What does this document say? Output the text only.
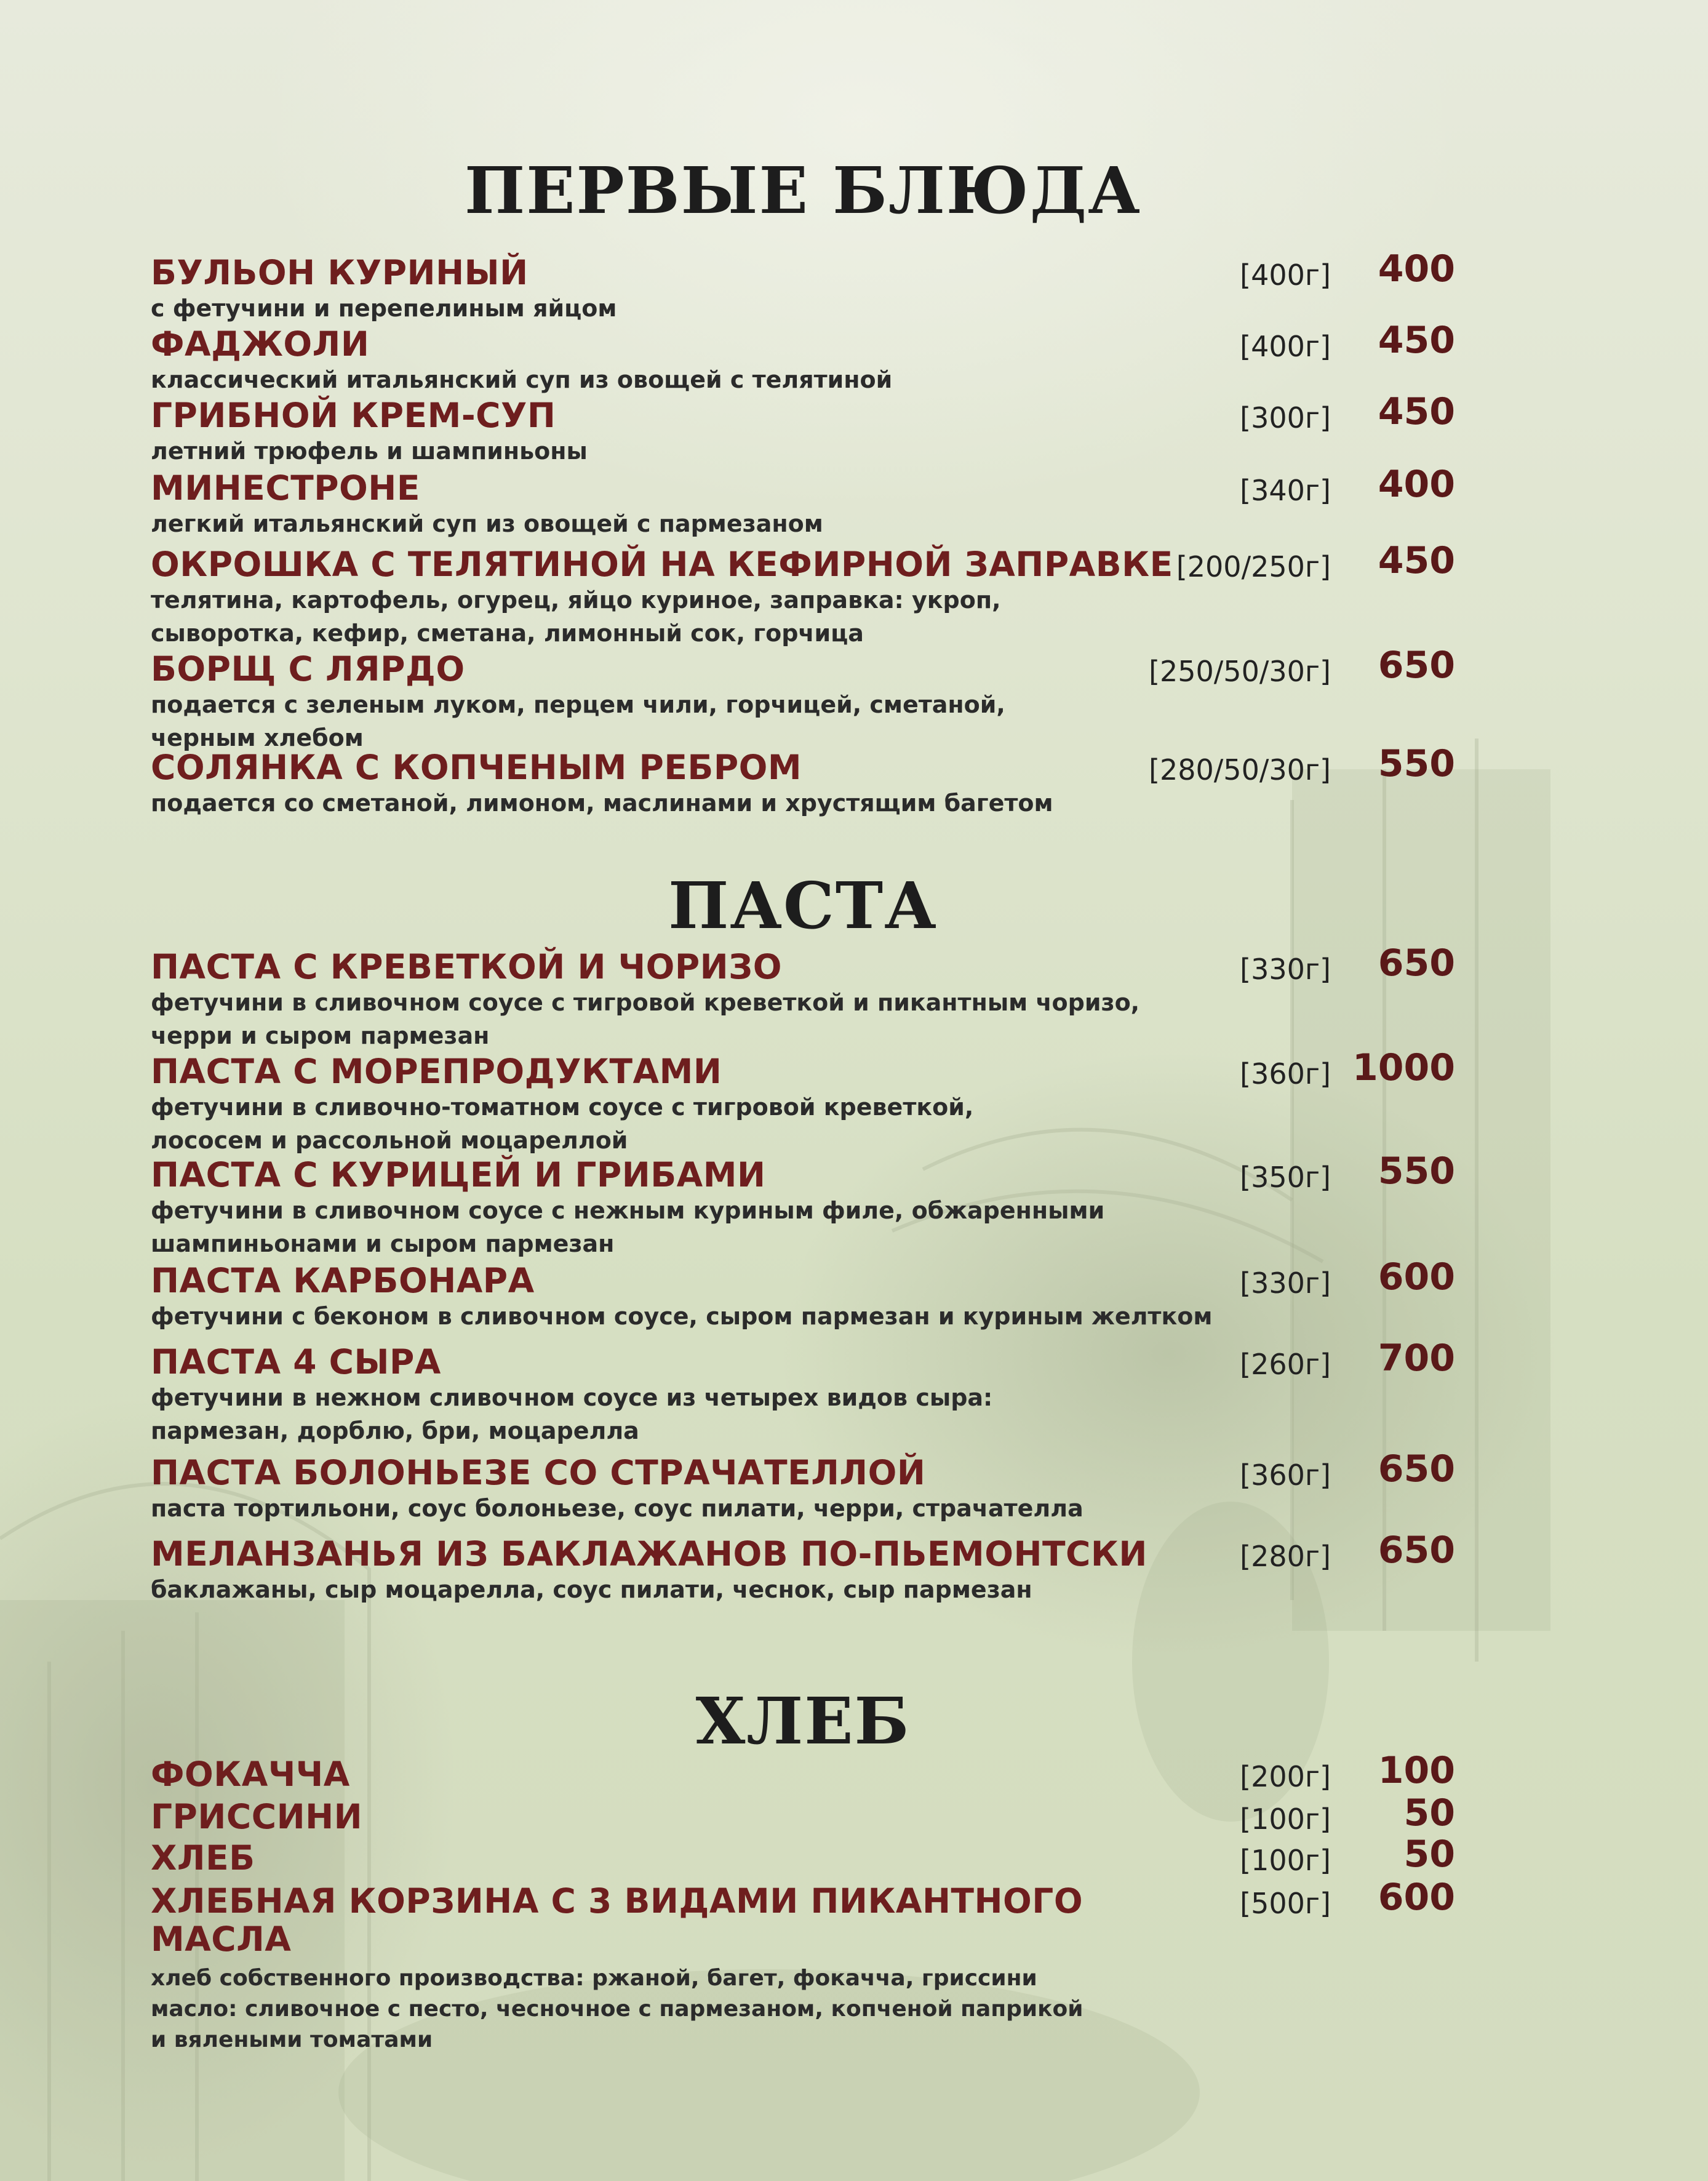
ПЕРВЫЕ БЛЮДА
БУЛЬОН КУРИНЫЙ	[400г]	400
с фетучини и перепелиным яйцом
ФАДЖОЛИ	[400г]	450
классический итальянский суп из овощей с телятиной
ГРИБНОЙ КРЕМ-СУП	[300г]	450
летний трюфель и шампиньоны
МИНЕСТРОНЕ	[340г]	400
легкий итальянский суп из овощей с пармезаном
ОКРОШКА С ТЕЛЯТИНОЙ НА КЕФИРНОЙ ЗАПРАВКЕ [200/250г]	450
телятина, картофель, огурец, яйцо куриное, заправка: укроп,
сыворотка, кефир, сметана, лимонный сок, горчица
БОРЩ С ЛЯРДО	[250/50/30г]	650
подается с зеленым луком, перцем чили, горчицей, сметаной,
черным хлебом
СОЛЯНКА С КОПЧЕНЫМ РЕБРОМ	[280/50/30г]	550
подается со сметаной, лимоном, маслинами и хрустящим багетом
ПАСТА
ПАСТА С КРЕВЕТКОЙ И ЧОРИЗО	[330г]	650
фетучини в сливочном соусе с тигровой креветкой и пикантным чоризо,
черри и сыром пармезан
ПАСТА С МОРЕПРОДУКТАМИ	[360г] 1000
фетучини в сливочно-томатном соусе с тигровой креветкой,
лососем и рассольной моцареллой
ПАСТА С КУРИЦЕЙ И ГРИБАМИ	[350г]	550
фетучини в сливочном соусе с нежным куриным филе, обжаренными
шампиньонами и сыром пармезан
ПАСТА КАРБОНАРА	[330г]	600
фетучини с беконом в сливочном соусе, сыром пармезан и куриным желтком
ПАСТА 4 СЫРА	[260г]	700
фетучини в нежном сливочном соусе из четырех видов сыра:
пармезан, дорблю, бри, моцарелла
ПАСТА БОЛОНЬЕЗЕ СО СТРАЧАТЕЛЛОЙ	[360г]	650
паста тортильони, соус болоньезе, соус пилати, черри, страчателла
МЕЛАНЗАНЬЯ ИЗ БАКЛАЖАНОВ ПО-ПЬЕМОНТСКИ	[280г]	650
баклажаны, сыр моцарелла, соус пилати, чеснок, сыр пармезан
ХЛЕБ
ФОКАЧЧА	[200г]	100
ГРИССИНИ	[100г]	50
ХЛЕБ	[100г]	50
ХЛЕБНАЯ КОРЗИНА С 3 ВИДАМИ ПИКАНТНОГО МАСЛА
[500г]	600
хлеб собственного производства: ржаной, багет, фокачча, гриссини
масло: сливочное с песто, чесночное с пармезаном, копченой паприкой
и вялеными томатами
